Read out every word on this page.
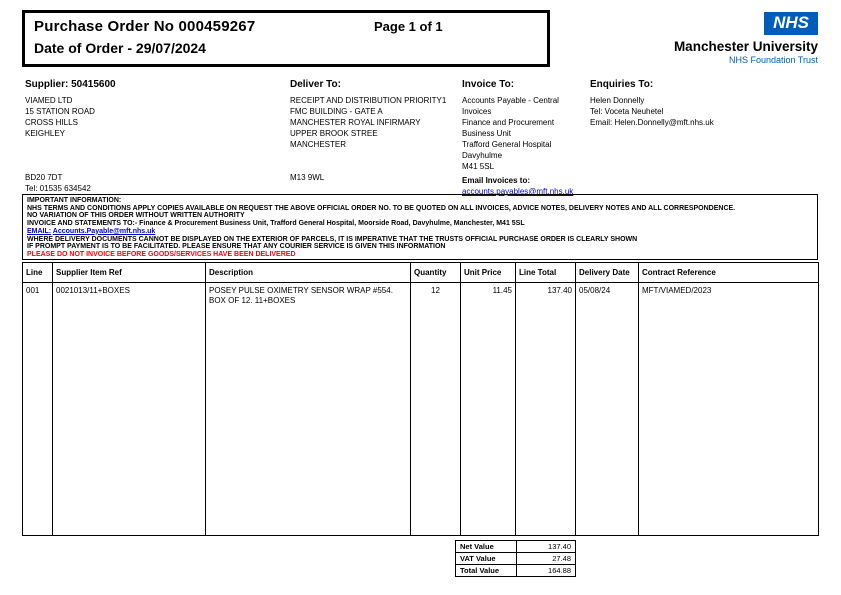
Purchase Order No 000459267	Page 1 of 1
Date of Order - 29/07/2024
NHS
Manchester University
NHS Foundation Trust
Supplier: 50415600
VIAMED LTD
15 STATION ROAD
CROSS HILLS
KEIGHLEY
BD20 7DT
Tel: 01535 634542
Deliver To:
RECEIPT AND DISTRIBUTION PRIORITY1
FMC BUILDING - GATE A
MANCHESTER ROYAL INFIRMARY
UPPER BROOK STREE
MANCHESTER
M13 9WL
Invoice To:
Accounts Payable - Central
Invoices
Finance and Procurement
Business Unit
Trafford General Hospital
Davyhulme
M41 5SL
Email Invoices to:
accounts.payables@mft.nhs.uk
Enquiries To:
Helen Donnelly
Tel: Voceta Neuhetel
Email: Helen.Donnelly@mft.nhs.uk
IMPORTANT INFORMATION:
NHS TERMS AND CONDITIONS APPLY COPIES AVAILABLE ON REQUEST THE ABOVE OFFICIAL ORDER NO. TO BE QUOTED ON ALL INVOICES, ADVICE NOTES, DELIVERY NOTES AND ALL CORRESPONDENCE.
NO VARIATION OF THIS ORDER WITHOUT WRITTEN AUTHORITY
INVOICE AND STATEMENTS TO:- Finance & Procurement Business Unit, Trafford General Hospital, Moorside Road, Davyhulme, Manchester, M41 5SL
EMAIL: Accounts.Payable@mft.nhs.uk
WHERE DELIVERY DOCUMENTS CANNOT BE DISPLAYED ON THE EXTERIOR OF PARCELS, IT IS IMPERATIVE THAT THE TRUSTS OFFICIAL PURCHASE ORDER IS CLEARLY SHOWN
IF PROMPT PAYMENT IS TO BE FACILITATED. PLEASE ENSURE THAT ANY COURIER SERVICE IS GIVEN THIS INFORMATION
PLEASE DO NOT INVOICE BEFORE GOODS/SERVICES HAVE BEEN DELIVERED
Line	Supplier Item Ref	Description	Quantity	Unit Price	Line Total	Delivery Date	Contract Reference
001	0021013/11+BOXES	POSEY PULSE OXIMETRY SENSOR WRAP #554.
BOX OF 12. 11+BOXES	12	11.45	137.40	05/08/24	MFT/VIAMED/2023
Net Value	137.40
VAT Value	27.48
Total Value	164.88
